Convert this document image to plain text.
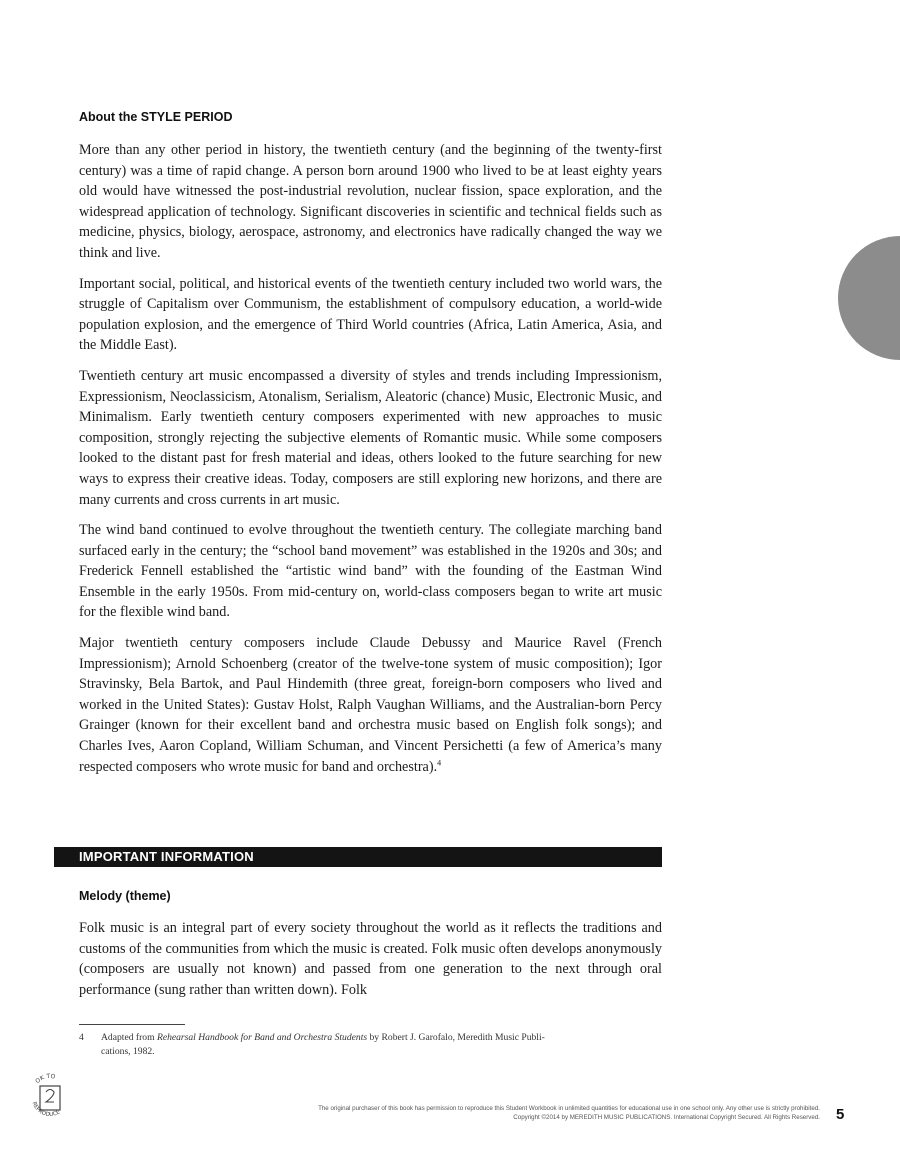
About the STYLE PERIOD

More than any other period in history, the twentieth century (and the beginning of the twenty-first century) was a time of rapid change. A person born around 1900 who lived to be at least eighty years old would have witnessed the post-industrial revolution, nuclear fission, space exploration, and the widespread application of technology. Significant discoveries in scientific and technical fields such as medicine, physics, biology, aerospace, astronomy, and electronics have radically changed the way we think and live.

Important social, political, and historical events of the twentieth century included two world wars, the struggle of Capitalism over Communism, the establishment of compulsory education, a world-wide population explosion, and the emergence of Third World countries (Africa, Latin America, Asia, and the Middle East).

Twentieth century art music encompassed a diversity of styles and trends including Impressionism, Expressionism, Neoclassicism, Atonalism, Serialism, Aleatoric (chance) Music, Electronic Music, and Minimalism. Early twentieth century composers experimented with new approaches to music composition, strongly rejecting the subjective elements of Romantic music. While some composers looked to the distant past for fresh material and ideas, others looked to the future searching for new ways to express their creative ideas. Today, composers are still exploring new horizons, and there are many currents and cross currents in art music.

The wind band continued to evolve throughout the twentieth century. The collegiate marching band surfaced early in the century; the “school band movement” was established in the 1920s and 30s; and Frederick Fennell established the “artistic wind band” with the founding of the Eastman Wind Ensemble in the early 1950s. From mid-century on, world-class composers began to write art music for the flexible wind band.

Major twentieth century composers include Claude Debussy and Maurice Ravel (French Impressionism); Arnold Schoenberg (creator of the twelve-tone system of music composition); Igor Stravinsky, Bela Bartok, and Paul Hindemith (three great, foreign-born composers who lived and worked in the United States): Gustav Holst, Ralph Vaughan Williams, and the Australian-born Percy Grainger (known for their excellent band and orchestra music based on English folk songs); and Charles Ives, Aaron Copland, William Schuman, and Vincent Persichetti (a few of America’s many respected composers who wrote music for band and orchestra).$^4$

IMPORTANT INFORMATION
Melody (theme)

Folk music is an integral part of every society throughout the world as it reflects the traditions and customs of the communities from which the music is created. Folk music often develops anonymously (composers are usually not known) and passed from one generation to the next through oral performance (sung rather than written down). Folk

4 Adapted from Rehearsal Handbook for Band and Orchestra Students by Robert J. Garofalo, Meredith Music Publi-
cations, 1982.
OK TO
REPRODUCE
The original purchaser of this book has permission to reproduce this Student Workbook in unlimited quantities for educational use in one school only. Any other use is strictly prohibited.
Copyright ©2014 by MEREDITH MUSIC PUBLICATIONS. International Copyright Secured. All Rights Reserved. 5
